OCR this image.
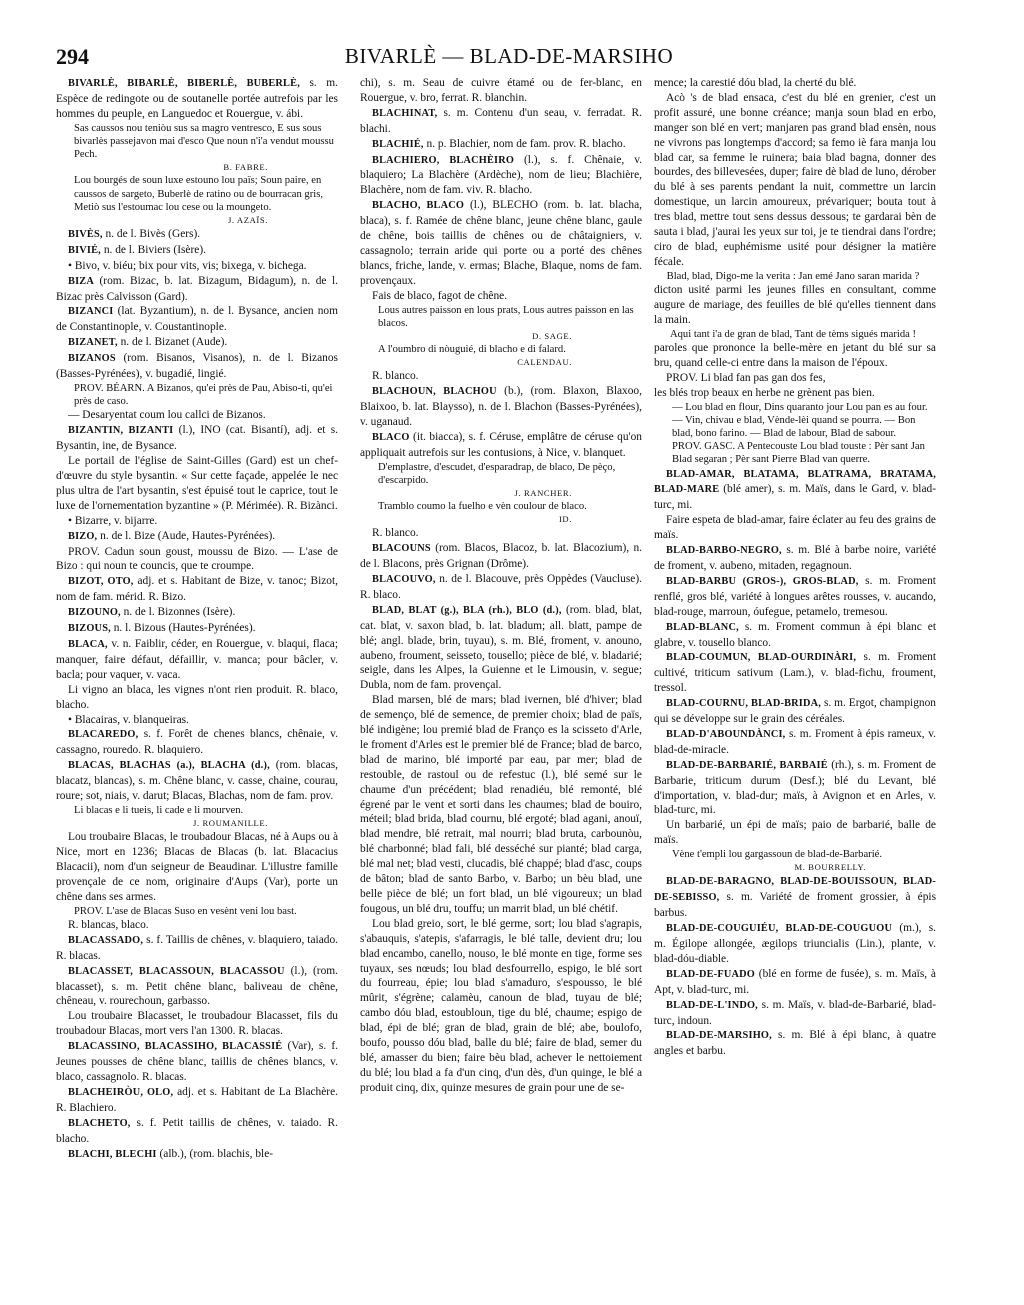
294	BIVARLÈ — BLAD-DE-MARSIHO

BIVARLÈ, BIBARLÈ, BIBERLÈ, BUBERLÈ, s. m. Espèce de redingote ou de soutanelle portée autrefois par les hommes du peuple, en Languedoc et Rouergue, v. ábi.

Sas caussos nou teniòu sus sa magro ventresco, E sus sous bivarlès passejavon mai d'esco Que noun n'i'a vendut moussu Pech.
B. FABRE.
Lou bourgés de soun luxe estouno lou païs; Soun paire, en caussos de sargeto, Buberlè de ratino ou de bourracan gris, Metiò sus l'estoumac lou cese ou la moungeto.
J. AZAÏS.

BIVÈS, n. de l. Bivès (Gers).

BIVIÉ, n. de l. Biviers (Isère).

• Bivo, v. biéu; bix pour vits, vis; bixega, v. bichega.

BIZA (rom. Bizac, b. lat. Bizagum, Bidagum), n. de l. Bizac près Calvisson (Gard).

BIZANCI (lat. Byzantium), n. de l. Bysance, ancien nom de Constantinople, v. Coustantinople.

BIZANET, n. de l. Bizanet (Aude).

BIZANOS (rom. Bisanos, Visanos), n. de l. Bizanos (Basses-Pyrénées), v. bugadié, lingié.

PROV. BÉARN. A Bizanos, qu'ei près de Pau, Abiso-ti, qu'ei près de caso.

— Desaryentat coum lou callci de Bizanos.

BIZANTIN, BIZANTI (l.), INO (cat. Bisantí), adj. et s. Bysantin, ine, de Bysance.

Le portail de l'église de Saint-Gilles (Gard) est un chef-d'œuvre du style bysantin. « Sur cette façade, appelée le nec plus ultra de l'art bysantin, s'est épuisé tout le caprice, tout le luxe de l'ornementation byzantine » (P. Mérimée). R. Bizànci.

• Bizarre, v. bijarre.

BIZO, n. de l. Bize (Aude, Hautes-Pyrénées).

PROV. Cadun soun goust, moussu de Bizo. — L'ase de Bizo : qui noun te councis, que te croumpe.

BIZOT, OTO, adj. et s. Habitant de Bize, v. tanoc; Bizot, nom de fam. mérid. R. Bizo.

BIZOUNO, n. de l. Bizonnes (Isère).

BIZOUS, n. l. Bizous (Hautes-Pyrénées).

BLACA, v. n. Faiblir, céder, en Rouergue, v. blaqui, flaca; manquer, faire défaut, défaillir, v. manca; pour bâcler, v. bacla; pour vaquer, v. vaca.

Li vigno an blaca, les vignes n'ont rien produit. R. blaco, blacho.

• Blacairas, v. blanqueiras.

BLACAREDO, s. f. Forêt de chenes blancs, chênaie, v. cassagno, rouredo. R. blaquiero.

BLACAS, BLACHAS (a.), BLACHA (d.), (rom. blacas, blacatz, blancas), s. m. Chêne blanc, v. casse, chaine, courau, roure; sot, niais, v. darut; Blacas, Blachas, nom de fam. prov.

Li blacas e li tueis, li cade e li mourven.
J. ROUMANILLE.

Lou troubaire Blacas, le troubadour Blacas, né à Aups ou à Nice, mort en 1236; Blacas de Blacas (b. lat. Blacacius Blacacii), nom d'un seigneur de Beaudinar. L'illustre famille provençale de ce nom, originaire d'Aups (Var), porte un chêne dans ses armes.

PROV. L'ase de Blacas Suso en vesènt veni lou bast.

R. blancas, blaco.

BLACASSADO, s. f. Taillis de chênes, v. blaquiero, taiado. R. blacas.

BLACASSET, BLACASSOUN, BLACASSOU (l.), (rom. blacasset), s. m. Petit chêne blanc, baliveau de chêne, chêneau, v. rourechoun, garbasso.

Lou troubaire Blacasset, le troubadour Blacasset, fils du troubadour Blacas, mort vers l'an 1300. R. blacas.

BLACASSINO, BLACASSIHO, BLACASSIÉ (Var), s. f. Jeunes pousses de chêne blanc, taillis de chênes blancs, v. blaco, cassagnolo. R. blacas.

BLACHEIRÒU, OLO, adj. et s. Habitant de La Blachère. R. Blachiero.

BLACHETO, s. f. Petit taillis de chênes, v. taiado. R. blacho.

BLACHI, BLECHI (alb.), (rom. blachis, ble-

chi), s. m. Seau de cuivre étamé ou de fer-blanc, en Rouergue, v. bro, ferrat. R. blanchin.

BLACHINAT, s. m. Contenu d'un seau, v. ferradat. R. blachi.

BLACHIÉ, n. p. Blachier, nom de fam. prov. R. blacho.

BLACHIERO, BLACHÈIRO (l.), s. f. Chênaie, v. blaquiero; La Blachère (Ardèche), nom de lieu; Blachière, Blachère, nom de fam. viv. R. blacho.

BLACHO, BLACO (l.), BLECHO (rom. b. lat. blacha, blaca), s. f. Ramée de chêne blanc, jeune chêne blanc, gaule de chêne, bois taillis de chênes ou de châtaigniers, v. cassagnolo; terrain aride qui porte ou a porté des chênes blancs, friche, lande, v. ermas; Blache, Blaque, noms de fam. provençaux.

Fais de blaco, fagot de chêne.

Lous autres paisson en lous prats, Lous autres paisson en las blacos.
D. SAGE.
A l'oumbro di nòuguié, di blacho e di falard.
CALENDAU.

R. blanco.

BLACHOUN, BLACHOU (b.), (rom. Blaxon, Blaxoo, Blaixoo, b. lat. Blaysso), n. de l. Blachon (Basses-Pyrénées), v. uganaud.

BLACO (it. biacca), s. f. Céruse, emplâtre de céruse qu'on appliquait autrefois sur les contusions, à Nice, v. blanquet.

D'emplastre, d'escudet, d'esparadrap, de blaco, De pèço, d'escarpido.
J. RANCHER.
Tramblo coumo la fuelho e vèn coulour de blaco.
ID.

R. blanco.

BLACOUNS (rom. Blacos, Blacoz, b. lat. Blacozium), n. de l. Blacons, près Grignan (Drôme).

BLACOUVO, n. de l. Blacouve, près Oppèdes (Vaucluse). R. blaco.

BLAD, BLAT (g.), BLA (rh.), BLO (d.), (rom. blad, blat, cat. blat, v. saxon blad, b. lat. bladum; all. blatt, pampe de blé; angl. blade, brin, tuyau), s. m. Blé, froment, v. anouno, aubeno, froument, seisseto, tousello; pièce de blé, v. bladarié; seigle, dans les Alpes, la Guienne et le Limousin, v. segue; Dubla, nom de fam. provençal.

Blad marsen, blé de mars; blad ivernen, blé d'hiver; blad de semenço, blé de semence, de premier choix; blad de païs, blé indigène; lou premié blad de Franço es la scisseto d'Arle, le froment d'Arles est le premier blé de France; blad de barco, blad de marino, blé importé par eau, par mer; blad de restouble, de rastoul ou de refestuc (l.), blé semé sur le chaume d'un précédent; blad renadiéu, blé remonté, blé égrené par le vent et sorti dans les chaumes; blad de bouiro, méteil; blad brida, blad cournu, blé ergoté; blad agani, anouï, blad mendre, blé retrait, mal nourri; blad bruta, carbounòu, blé charbonné; blad fali, blé desséché sur pianté; blad carga, blé mal net; blad vesti, clucadis, blé chappé; blad d'asc, coups de bâton; blad de santo Barbo, v. Barbo; un bèu blad, une belle pièce de blé; un fort blad, un blé vigoureux; un blad fougous, un blé dru, touffu; un marrit blad, un blé chétif.

Lou blad greio, sort, le blé germe, sort; lou blad s'agrapis, s'abauquis, s'atepis, s'afarragis, le blé talle, devient dru; lou blad encambo, canello, nouso, le blé monte en tige, forme ses tuyaux, ses nœuds; lou blad desfourrello, espigo, le blé sort du fourreau, épie; lou blad s'amaduro, s'espousso, le blé mûrit, s'égrène; calamèu, canoun de blad, tuyau de blé; cambo dóu blad, estoubloun, tige du blé, chaume; espigo de blad, épi de blé; gran de blad, grain de blé; abe, boulofo, boufo, pousso dóu blad, balle du blé; faire de blad, semer du blé, amasser du bien; faire bèu blad, achever le nettoiement du blé; lou blad a fa d'un cinq, d'un dès, d'un quinge, le blé a produit cinq, dix, quinze mesures de grain pour une de se-

mence; la carestié dóu blad, la cherté du blé.

Acò 's de blad ensaca, c'est du blé en grenier, c'est un profit assuré, une bonne créance; manja soun blad en erbo, manger son blé en vert; manjaren pas grand blad ensèn, nous ne vivrons pas longtemps d'accord; sa femo iè fara manja lou blad car, sa femme le ruinera; baia blad bagna, donner des bourdes, des billevesées, duper; faire dè blad de luno, dérober du blé à ses parents pendant la nuit, commettre un larcin domestique, un larcin amoureux, prévariquer; bouta tout à tres blad, mettre tout sens dessus dessous; te gardarai bèn de sauta i blad, j'aurai les yeux sur toi, je te tiendrai dans l'ordre; ciro de blad, euphémisme usité pour désigner la matière fécale.

Blad, blad, Digo-me la verita : Jan emé Jano saran marida ?

dicton usité parmi les jeunes filles en consultant, comme augure de mariage, des feuilles de blé qu'elles tiennent dans la main.

Aqui tant i'a de gran de blad, Tant de tèms sigués marida !

paroles que prononce la belle-mère en jetant du blé sur sa bru, quand celle-ci entre dans la maison de l'époux.

PROV. Li blad fan pas gan dos fes,

les blés trop beaux en herbe ne grènent pas bien.

— Lou blad en flour, Dins quaranto jour Lou pan es au four. — Vin, chivau e blad, Vènde-lèi quand se pourra. — Bon blad, bono farino. — Blad de labour, Blad de sabour.
PROV. GASC. A Pentecouste Lou blad touste : Pèr sant Jan Blad segaran ; Pèr sant Pierre Blad van querre.

BLAD-AMAR, BLATAMA, BLATRAMA, BRATAMA, BLAD-MARE (blé amer), s. m. Maïs, dans le Gard, v. blad-turc, mi.

Faire espeta de blad-amar, faire éclater au feu des grains de maïs.

BLAD-BARBO-NEGRO, s. m. Blé à barbe noire, variété de froment, v. aubeno, mitaden, regagnoun.

BLAD-BARBU (GROS-), GROS-BLAD, s. m. Froment renflé, gros blé, variété à longues arêtes rousses, v. aucando, blad-rouge, marroun, óufegue, petamelo, tremesou.

BLAD-BLANC, s. m. Froment commun à épi blanc et glabre, v. tousello blanco.

BLAD-COUMUN, BLAD-OURDINÀRI, s. m. Froment cultivé, triticum sativum (Lam.), v. blad-fichu, froument, tressol.

BLAD-COURNU, BLAD-BRIDA, s. m. Ergot, champignon qui se développe sur le grain des céréales.

BLAD-D'ABOUNDÀNCI, s. m. Froment à épis rameux, v. blad-de-miracle.

BLAD-DE-BARBARIÉ, BARBAIÉ (rh.), s. m. Froment de Barbarie, triticum durum (Desf.); blé du Levant, blé d'importation, v. blad-dur; maïs, à Avignon et en Arles, v. blad-turc, mi.

Un barbarié, un épi de maïs; paio de barbarié, balle de maïs.

Vène t'empli lou gargassoun de blad-de-Barbarié.
M. BOURRELLY.

BLAD-DE-BARAGNO, BLAD-DE-BOUISSOUN, BLAD-DE-SEBISSO, s. m. Variété de froment grossier, à épis barbus.

BLAD-DE-COUGUIÉU, BLAD-DE-COUGUOU (m.), s. m. Égilope allongée, ægilops triuncialis (Lin.), plante, v. blad-dóu-diable.

BLAD-DE-FUADO (blé en forme de fusée), s. m. Maïs, à Apt, v. blad-turc, mi.

BLAD-DE-L'INDO, s. m. Maïs, v. blad-de-Barbarié, blad-turc, indoun.

BLAD-DE-MARSIHO, s. m. Blé à épi blanc, à quatre angles et barbu.
